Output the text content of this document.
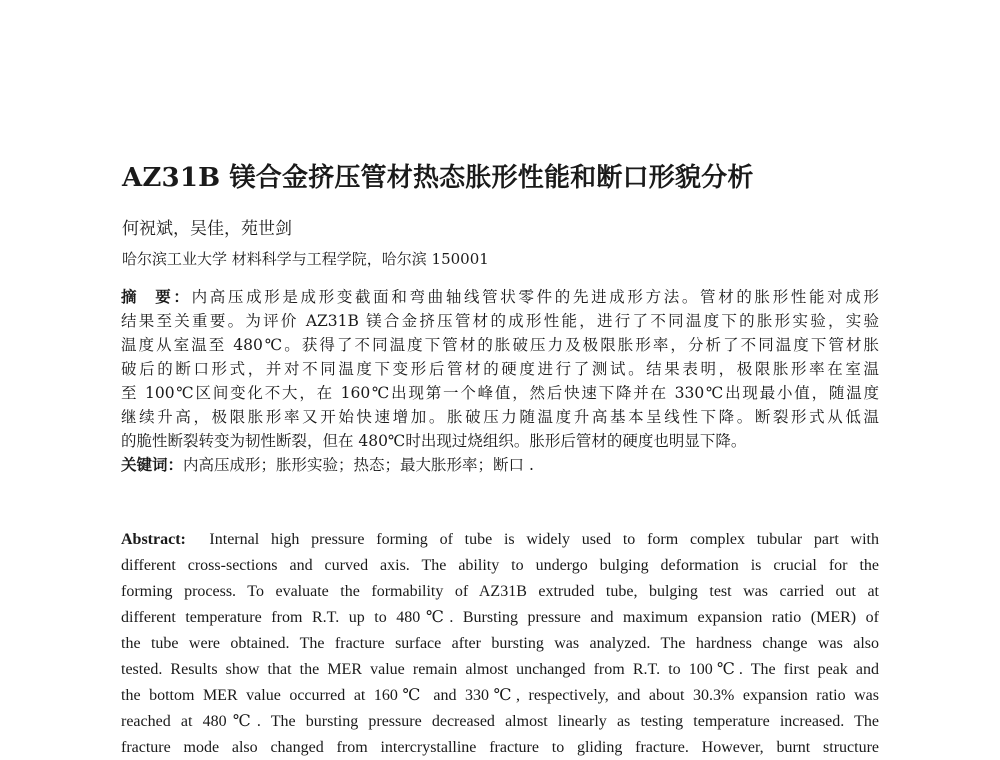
AZ31B 镁合金挤压管材热态胀形性能和断口形貌分析
何祝斌，吴佳，苑世剑
哈尔滨工业大学 材料科学与工程学院，哈尔滨 150001
摘  要：内高压成形是成形变截面和弯曲轴线管状零件的先进成形方法。管材的胀形性能对成形
结果至关重要。为评价 AZ31B 镁合金挤压管材的成形性能，进行了不同温度下的胀形实验，实验
温度从室温至 480℃。获得了不同温度下管材的胀破压力及极限胀形率，分析了不同温度下管材胀
破后的断口形式，并对不同温度下变形后管材的硬度进行了测试。结果表明，极限胀形率在室温
至 100℃区间变化不大，在 160℃出现第一个峰值，然后快速下降并在 330℃出现最小值，随温度
继续升高，极限胀形率又开始快速增加。胀破压力随温度升高基本呈线性下降。断裂形式从低温
的脆性断裂转变为韧性断裂，但在 480℃时出现过烧组织。胀形后管材的硬度也明显下降。
关键词：内高压成形；胀形实验；热态；最大胀形率；断口 .
Abstract: Internal high pressure forming of tube is widely used to form complex tubular part with
different cross-sections and curved axis. The ability to undergo bulging deformation is crucial for the
forming process. To evaluate the formability of AZ31B extruded tube, bulging test was carried out at
different temperature from R.T. up to 480℃. Bursting pressure and maximum expansion ratio (MER) of
the tube were obtained. The fracture surface after bursting was analyzed. The hardness change was also
tested. Results show that the MER value remain almost unchanged from R.T. to 100℃. The first peak and
the bottom MER value occurred at 160℃ and 330℃, respectively, and about 30.3% expansion ratio was
reached at 480℃. The bursting pressure decreased almost linearly as testing temperature increased. The
fracture mode also changed from intercrystalline fracture to gliding fracture. However, burnt structure
